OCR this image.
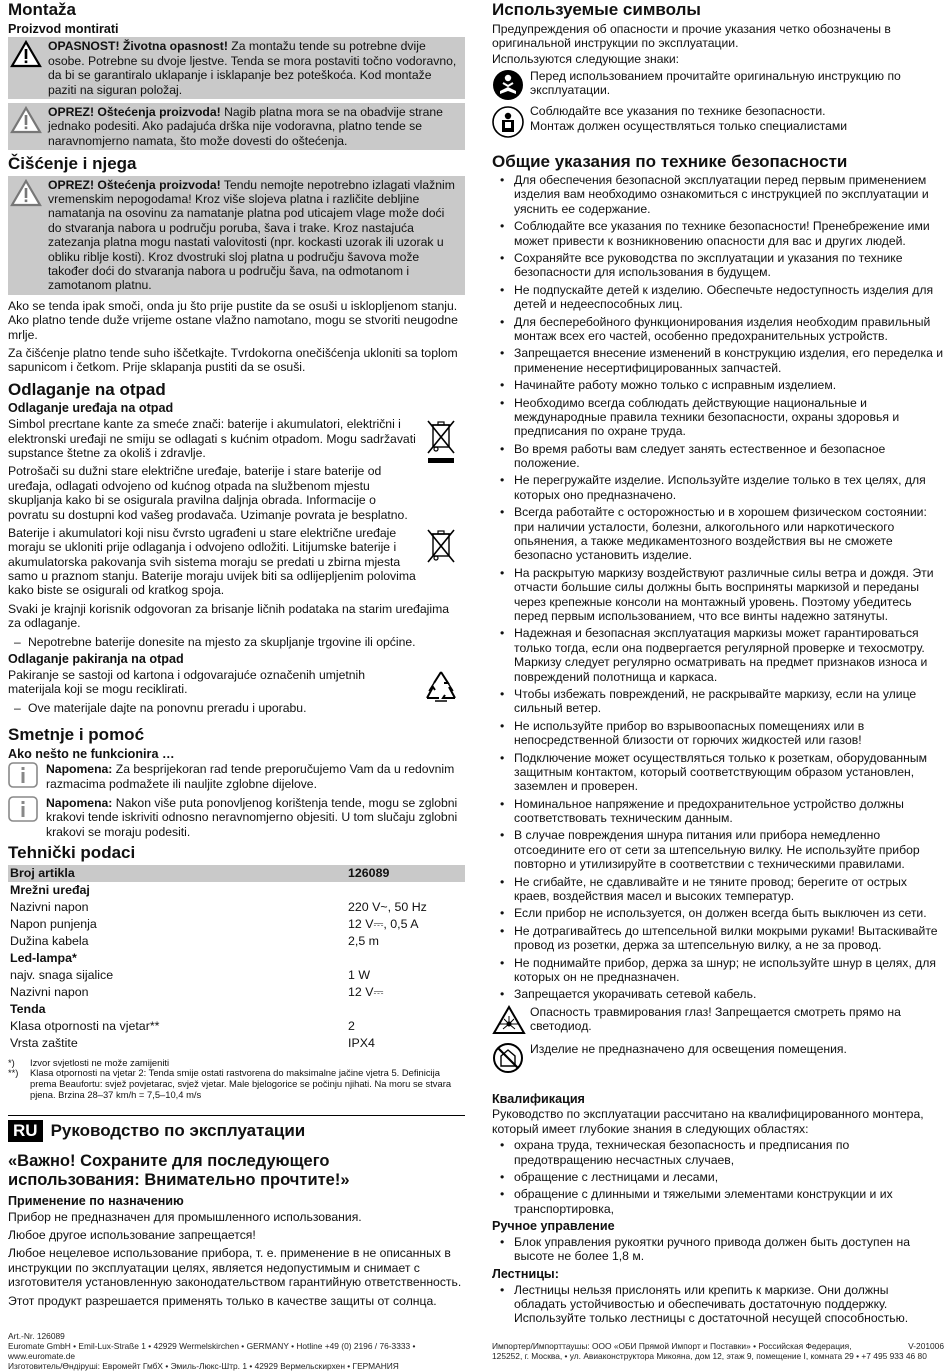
Montaža
Proizvod montirati
OPASNOST! Životna opasnost! Za montažu tende su potrebne dvije osobe. Potrebne su dvoje ljestve. Tenda se mora postaviti točno vodoravno, da bi se garantiralo uklapanje i isklapanje bez poteškoća. Kod montaže paziti na siguran položaj.
OPREZ! Oštećenja proizvoda! Nagib platna mora se na obadvije strane jednako podesiti. Ako padajuća drška nije vodoravna, platno tende se naravnomjerno namata, što može dovesti do oštećenja.
Čišćenje i njega
OPREZ! Oštećenja proizvoda! Tendu nemojte nepotrebno izlagati vlažnim vremenskim nepogodama! Kroz više slojeva platna i različite debljine namatanja na osovinu za namatanje platna pod uticajem vlage može doći do stvaranja nabora u području poruba, šava i trake. Kroz nastajuća zatezanja platna mogu nastati valovitosti (npr. kockasti uzorak ili uzorak u obliku riblje kosti). Kroz dvostruki sloj platna u području šavova može također doći do stvaranja nabora u području šava, na odmotanom i zamotanom platnu.

Ako se tenda ipak smoči, onda ju što prije pustite da se osuši u isklopljenom stanju. Ako platno tende duže vrijeme ostane vlažno namotano, mogu se stvoriti neugodne mrlje.

Za čišćenje platno tende suho iščetkajte. Tvrdokorna onečišćenja ukloniti sa toplom sapunicom i četkom. Prije sklapanja pustiti da se osuši.

Odlaganje na otpad
Odlaganje uređaja na otpad

Simbol precrtane kante za smeće znači: baterije i akumulatori, električni i elektronski uređaji ne smiju se odlagati s kućnim otpadom. Mogu sadržavati supstance štetne za okoliš i zdravlje.

Potrošači su dužni stare električne uređaje, baterije i stare baterije od uređaja, odlagati odvojeno od kućnog otpada na službenom mjestu skupljanja kako bi se osigurala pravilna daljnja obrada. Informacije o povratu su dostupni kod vašeg prodavača. Uzimanje povrata je besplatno.

Baterije i akumulatori koji nisu čvrsto ugrađeni u stare električne uređaje moraju se ukloniti prije odlaganja i odvojeno odložiti. Litijumske baterije i akumulatorska pakovanja svih sistema moraju se predati u zbirna mjesta samo u praznom stanju. Baterije moraju uvijek biti sa odlijepljenim polovima kako biste se osigurali od kratkog spoja.

Svaki je krajnji korisnik odgovoran za brisanje ličnih podataka na starim uređajima za odlaganje.

– Nepotrebne baterije donesite na mjesto za skupljanje trgovine ili općine.
Odlaganje pakiranja na otpad

Pakiranje se sastoji od kartona i odgovarajuće označenih umjetnih materijala koji se mogu reciklirati.

– Ove materijale dajte na ponovnu preradu i uporabu.
Smetnje i pomoć
Ako nešto ne funkcionira …
Napomena: Za besprijekoran rad tende preporučujemo Vam da u redovnim razmacima podmažete ili nauljite zglobne dijelove.
Napomena: Nakon više puta ponovljenog korištenja tende, mogu se zglobni krakovi tende iskriviti odnosno neravnomjerno objesiti. U tom slučaju zglobni krakovi se moraju podesiti.
Tehnički podaci
Broj artikla	126089
Mrežni uređaj	
Nazivni napon	220 V~, 50 Hz
Napon punjenja	12 V⎓, 0,5 A
Dužina kabela	2,5 m
Led-lampa*	
najv. snaga sijalice	1 W
Nazivni napon	12 V⎓
Tenda	
Klasa otpornosti na vjetar**	2
Vrsta zaštite	IPX4
*)	Izvor svjetlosti ne može zamijeniti
**)	Klasa otpornosti na vjetar 2: Tenda smije ostati rastvorena do maksimalne jačine vjetra 5. Definicija prema Beaufortu: svjež povjetarac, svjež vjetar. Male bjelogorice se počinju njihati. Na moru se stvara pjena. Brzina 28–37 km/h = 7,5–10,4 m/s
RU Руководство по эксплуатации
«Важно! Сохраните для последующего использования: Внимательно прочтите!»
Применение по назначению

Прибор не предназначен для промышленного использования.

Любое другое использование запрещается!

Любое нецелевое использование прибора, т. е. применение в не описанных в инструкции по эксплуатации целях, является недопустимым и снимает с изготовителя установленную законодательством гарантийную ответственность.

Этот продукт разрешается применять только в качестве защиты от солнца.

Используемые символы

Предупреждения об опасности и прочие указания четко обозначены в оригинальной инструкции по эксплуатации.

Используются следующие знаки:

Перед использованием прочитайте оригинальную инструкцию по эксплуатации.
Соблюдайте все указания по технике безопасности.
Монтаж должен осуществляться только специалистами
Общие указания по технике безопасности
• Для обеспечения безопасной эксплуатации перед первым применением изделия вам необходимо ознакомиться с инструкцией по эксплуатации и уяснить ее содержание.
• Соблюдайте все указания по технике безопасности! Пренебрежение ими может привести к возникновению опасности для вас и других людей.
• Сохраняйте все руководства по эксплуатации и указания по технике безопасности для использования в будущем.
• Не подпускайте детей к изделию. Обеспечьте недоступность изделия для детей и недееспособных лиц.
• Для бесперебойного функционирования изделия необходим правильный монтаж всех его частей, особенно предохранительных устройств.
• Запрещается внесение изменений в конструкцию изделия, его переделка и применение несертифицированных запчастей.
• Начинайте работу можно только с исправным изделием.
• Необходимо всегда соблюдать действующие национальные и международные правила техники безопасности, охраны здоровья и предписания по охране труда.
• Во время работы вам следует занять естественное и безопасное положение.
• Не перегружайте изделие. Используйте изделие только в тех целях, для которых оно предназначено.
• Всегда работайте с осторожностью и в хорошем физическом состоянии: при наличии усталости, болезни, алкогольного или наркотического опьянения, а также медикаментозного воздействия вы не сможете безопасно установить изделие.
• На раскрытую маркизу воздействуют различные силы ветра и дождя. Эти отчасти большие силы должны быть восприняты маркизой и переданы через крепежные консоли на монтажный уровень. Поэтому убедитесь перед первым использованием, что все винты надежно затянуты.
• Надежная и безопасная эксплуатация маркизы может гарантироваться только тогда, если она подвергается регулярной проверке и техосмотру. Маркизу следует регулярно осматривать на предмет признаков износа и повреждений полотнища и каркаса.
• Чтобы избежать повреждений, не раскрывайте маркизу, если на улице сильный ветер.
• Не используйте прибор во взрывоопасных помещениях или в непосредственной близости от горючих жидкостей или газов!
• Подключение может осуществляться только к розеткам, оборудованным защитным контактом, который соответствующим образом установлен, заземлен и проверен.
• Номинальное напряжение и предохранительное устройство должны соответствовать техническим данным.
• В случае повреждения шнура питания или прибора немедленно отсоедините его от сети за штепсельную вилку. Не используйте прибор повторно и утилизируйте в соответствии с техническими правилами.
• Не сгибайте, не сдавливайте и не тяните провод; берегите от острых краев, воздействия масел и высоких температур.
• Если прибор не используется, он должен всегда быть выключен из сети.
• Не дотрагивайтесь до штепсельной вилки мокрыми руками! Вытаскивайте провод из розетки, держа за штепсельную вилку, а не за провод.
• Не поднимайте прибор, держа за шнур; не используйте шнур в целях, для которых он не предназначен.
• Запрещается укорачивать сетевой кабель.
Опасность травмирования глаз! Запрещается смотреть прямо на светодиод.
Изделие не предназначено для освещения помещения.
Квалификация

Руководство по эксплуатации рассчитано на квалифицированного монтера, который имеет глубокие знания в следующих областях:

• охрана труда, техническая безопасность и предписания по предотвращению несчастных случаев,
• обращение с лестницами и лесами,
• обращение с длинными и тяжелыми элементами конструкции и их транспортировка,
Ручное управление
• Блок управления рукоятки ручного привода должен быть доступен на высоте не более 1,8 м.
Лестницы:
• Лестницы нельзя прислонять или крепить к маркизе. Они должны обладать устойчивостью и обеспечивать достаточную поддержку. Используйте только лестницы с достаточной несущей способностью.
Art.-Nr. 126089
Euromate GmbH • Emil-Lux-Straße 1 • 42929 Wermelskirchen • GERMANY • Hotline +49 (0) 2196 / 76-3333 • www.euromate.de
Изготовитель/Өндіруші: Евромейт ГмбХ • Эмиль-Люкс-Штр. 1 • 42929 Вермельскирхен • ГЕРМАНИЯ
Импортер/Импорттаушы: ООО «ОБИ Прямой Импорт и Поставки» • Российская Федерация,
125252, г. Москва, • ул. Авиаконструктора Микояна, дом 12, этаж 9, помещение I, комната 29 • +7 495 933 46 80
V-201006
